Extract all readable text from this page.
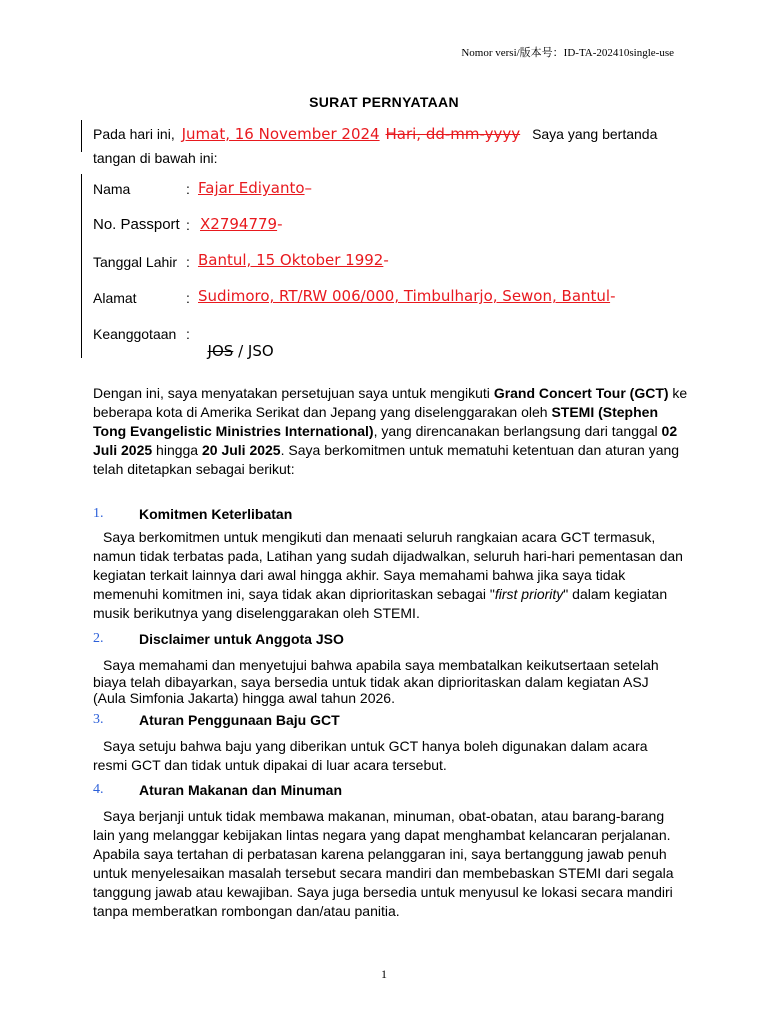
Nomor versi/版本号：ID-TA-202410single-use
SURAT PERNYATAAN
Pada hari ini, Jumat, 16 November 2024 Hari, dd-mm-yyyy Saya yang bertanda
tangan di bawah ini:
Nama	: Fajar Ediyanto–
No. Passport : X2794779-
Tanggal Lahir : Bantul, 15 Oktober 1992-
Alamat	: Sudimoro, RT/RW 006/000, Timbulharjo, Sewon, Bantul-
Keanggotaan :

JOS / JSO

Dengan ini, saya menyatakan persetujuan saya untuk mengikuti Grand Concert Tour (GCT) ke beberapa kota di Amerika Serikat dan Jepang yang diselenggarakan oleh STEMI (Stephen Tong Evangelistic Ministries International), yang direncanakan berlangsung dari tanggal 02 Juli 2025 hingga 20 Juli 2025. Saya berkomitmen untuk mematuhi ketentuan dan aturan yang telah ditetapkan sebagai berikut:
1.	Komitmen Keterlibatan
Saya berkomitmen untuk mengikuti dan menaati seluruh rangkaian acara GCT termasuk, namun tidak terbatas pada, Latihan yang sudah dijadwalkan, seluruh hari-hari pementasan dan kegiatan terkait lainnya dari awal hingga akhir. Saya memahami bahwa jika saya tidak memenuhi komitmen ini, saya tidak akan diprioritaskan sebagai "first priority" dalam kegiatan musik berikutnya yang diselenggarakan oleh STEMI.
2.	Disclaimer untuk Anggota JSO
Saya memahami dan menyetujui bahwa apabila saya membatalkan keikutsertaan setelah biaya telah dibayarkan, saya bersedia untuk tidak akan diprioritaskan dalam kegiatan ASJ (Aula Simfonia Jakarta) hingga awal tahun 2026.
3.	Aturan Penggunaan Baju GCT
Saya setuju bahwa baju yang diberikan untuk GCT hanya boleh digunakan dalam acara resmi GCT dan tidak untuk dipakai di luar acara tersebut.
4.	Aturan Makanan dan Minuman
Saya berjanji untuk tidak membawa makanan, minuman, obat-obatan, atau barang-barang lain yang melanggar kebijakan lintas negara yang dapat menghambat kelancaran perjalanan. Apabila saya tertahan di perbatasan karena pelanggaran ini, saya bertanggung jawab penuh untuk menyelesaikan masalah tersebut secara mandiri dan membebaskan STEMI dari segala tanggung jawab atau kewajiban. Saya juga bersedia untuk menyusul ke lokasi secara mandiri tanpa memberatkan rombongan dan/atau panitia.
1
